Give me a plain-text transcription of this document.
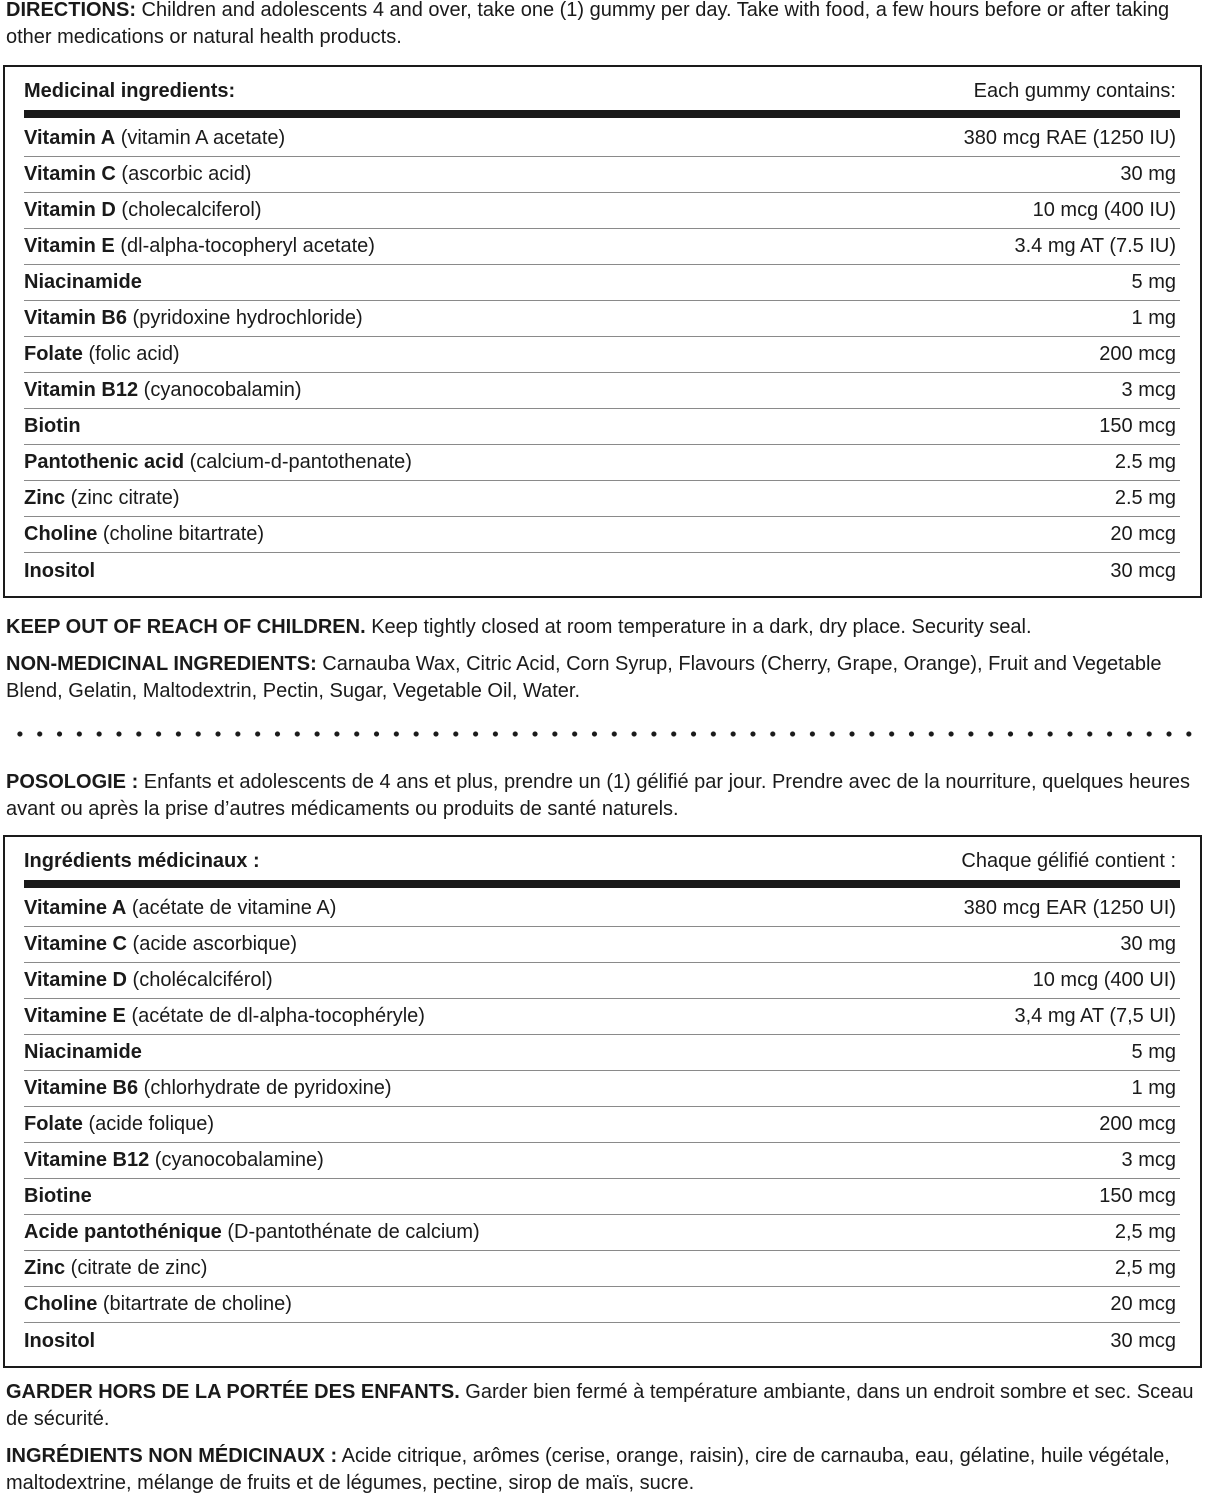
DIRECTIONS: Children and adolescents 4 and over, take one (1) gummy per day. Take with food, a few hours before or after taking other medications or natural health products.

Medicinal ingredients:	Each gummy contains:
Vitamin A (vitamin A acetate)	380 mcg RAE (1250 IU)
Vitamin C (ascorbic acid)	30 mg
Vitamin D (cholecalciferol)	10 mcg (400 IU)
Vitamin E (dl-alpha-tocopheryl acetate)	3.4 mg AT (7.5 IU)
Niacinamide	5 mg
Vitamin B6 (pyridoxine hydrochloride)	1 mg
Folate (folic acid)	200 mcg
Vitamin B12 (cyanocobalamin)	3 mcg
Biotin	150 mcg
Pantothenic acid (calcium-d-pantothenate)	2.5 mg
Zinc (zinc citrate)	2.5 mg
Choline (choline bitartrate)	20 mcg
Inositol	30 mcg

KEEP OUT OF REACH OF CHILDREN. Keep tightly closed at room temperature in a dark, dry place. Security seal.

NON-MEDICINAL INGREDIENTS: Carnauba Wax, Citric Acid, Corn Syrup, Flavours (Cherry, Grape, Orange), Fruit and Vegetable Blend, Gelatin, Maltodextrin, Pectin, Sugar, Vegetable Oil, Water.

POSOLOGIE : Enfants et adolescents de 4 ans et plus, prendre un (1) gélifié par jour. Prendre avec de la nourriture, quelques heures avant ou après la prise d’autres médicaments ou produits de santé naturels.

Ingrédients médicinaux :	Chaque gélifié contient :
Vitamine A (acétate de vitamine A)	380 mcg EAR (1250 UI)
Vitamine C (acide ascorbique)	30 mg
Vitamine D (cholécalciférol)	10 mcg (400 UI)
Vitamine E (acétate de dl-alpha-tocophéryle)	3,4 mg AT (7,5 UI)
Niacinamide	5 mg
Vitamine B6 (chlorhydrate de pyridoxine)	1 mg
Folate (acide folique)	200 mcg
Vitamine B12 (cyanocobalamine)	3 mcg
Biotine	150 mcg
Acide pantothénique (D-pantothénate de calcium)	2,5 mg
Zinc (citrate de zinc)	2,5 mg
Choline (bitartrate de choline)	20 mcg
Inositol	30 mcg

GARDER HORS DE LA PORTÉE DES ENFANTS. Garder bien fermé à température ambiante, dans un endroit sombre et sec. Sceau de sécurité.

INGRÉDIENTS NON MÉDICINAUX : Acide citrique, arômes (cerise, orange, raisin), cire de carnauba, eau, gélatine, huile végétale, maltodextrine, mélange de fruits et de légumes, pectine, sirop de maïs, sucre.
